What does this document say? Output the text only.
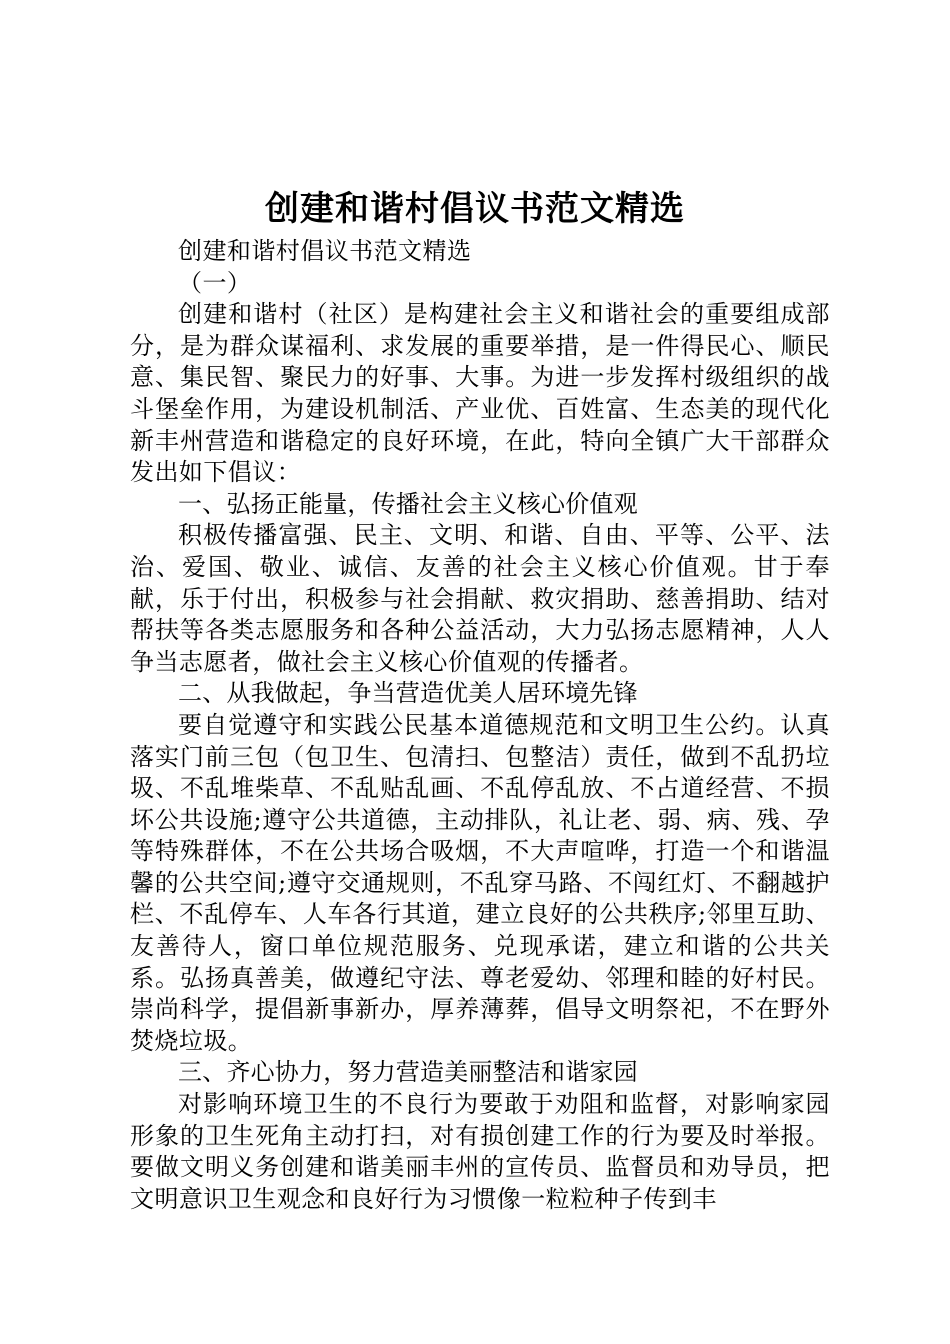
创建和谐村倡议书范文精选

创建和谐村倡议书范文精选

（一）

创建和谐村（社区）是构建社会主义和谐社会的重要组成部分，是为群众谋福利、求发展的重要举措，是一件得民心、顺民意、集民智、聚民力的好事、大事。为进一步发挥村级组织的战斗堡垒作用，为建设机制活、产业优、百姓富、生态美的现代化新丰州营造和谐稳定的良好环境，在此，特向全镇广大干部群众发出如下倡议：

一、弘扬正能量，传播社会主义核心价值观

积极传播富强、民主、文明、和谐、自由、平等、公平、法治、爱国、敬业、诚信、友善的社会主义核心价值观。甘于奉献，乐于付出，积极参与社会捐献、救灾捐助、慈善捐助、结对帮扶等各类志愿服务和各种公益活动，大力弘扬志愿精神，人人争当志愿者，做社会主义核心价值观的传播者。

二、从我做起，争当营造优美人居环境先锋

要自觉遵守和实践公民基本道德规范和文明卫生公约。认真落实门前三包（包卫生、包清扫、包整洁）责任，做到不乱扔垃圾、不乱堆柴草、不乱贴乱画、不乱停乱放、不占道经营、不损坏公共设施;遵守公共道德，主动排队，礼让老、弱、病、残、孕等特殊群体，不在公共场合吸烟，不大声喧哗，打造一个和谐温馨的公共空间;遵守交通规则，不乱穿马路、不闯红灯、不翻越护栏、不乱停车、人车各行其道，建立良好的公共秩序;邻里互助、友善待人，窗口单位规范服务、兑现承诺，建立和谐的公共关系。弘扬真善美，做遵纪守法、尊老爱幼、邻理和睦的好村民。崇尚科学，提倡新事新办，厚养薄葬，倡导文明祭祀，不在野外焚烧垃圾。

三、齐心协力，努力营造美丽整洁和谐家园

对影响环境卫生的不良行为要敢于劝阻和监督，对影响家园形象的卫生死角主动打扫，对有损创建工作的行为要及时举报。要做文明义务创建和谐美丽丰州的宣传员、监督员和劝导员，把文明意识卫生观念和良好行为习惯像一粒粒种子传到丰
